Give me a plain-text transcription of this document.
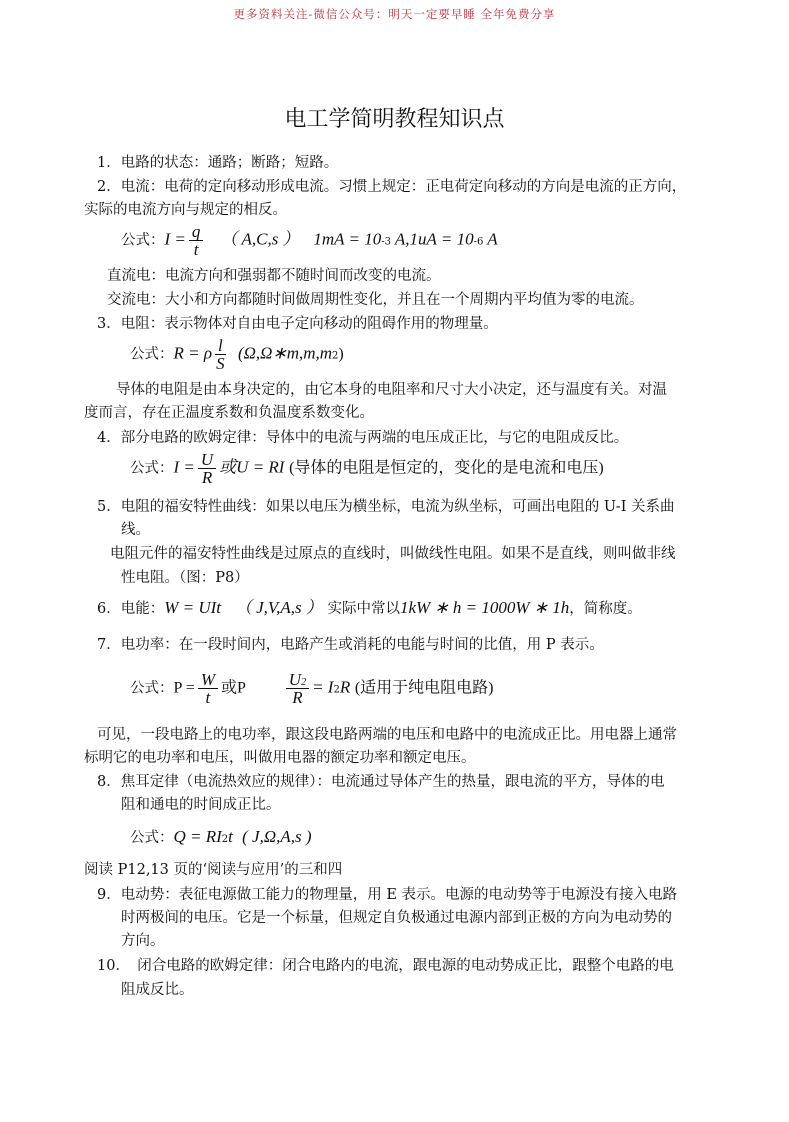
更多资料关注-微信公众号：明天一定要早睡 全年免费分享
电工学简明教程知识点
1．电路的状态：通路；断路；短路。
2．电流：电荷的定向移动形成电流。习惯上规定：正电荷定向移动的方向是电流的正方向，
实际的电流方向与规定的相反。
公式：$I = \frac{q}{t}$ （ A,C,s ） 1mA = 10-3 A,1uA = 10-6 A
直流电：电流方向和强弱都不随时间而改变的电流。
交流电：大小和方向都随时间做周期性变化，并且在一个周期内平均值为零的电流。
3．电阻：表示物体对自由电子定向移动的阻碍作用的物理量。
公式：R = ρ $\frac{l}{S}$ (Ω,Ω∗m,m,m2)
导体的电阻是由本身决定的，由它本身的电阻率和尺寸大小决定，还与温度有关。对温
度而言，存在正温度系数和负温度系数变化。
4．部分电路的欧姆定律：导体中的电流与两端的电压成正比，与它的电阻成反比。
公式：$I = \frac{U}{R}$ 或U = RI (导体的电阻是恒定的，变化的是电流和电压)
5．电阻的福安特性曲线：如果以电压为横坐标，电流为纵坐标，可画出电阻的 U-I 关系曲
线。
电阻元件的福安特性曲线是过原点的直线时，叫做线性电阻。如果不是直线，则叫做非线
性电阻。（图：P8）
6．电能：W = UIt （ J,V,A,s ） 实际中常以1kW ∗ h = 1000W ∗ 1h，简称度。
7．电功率：在一段时间内，电路产生或消耗的电能与时间的比值，用 P 表示。
公式：$P = \frac{W}{t}$ 或P $\frac{U2}{R} = I2R$ (适用于纯电阻电路)
可见，一段电路上的电功率，跟这段电路两端的电压和电路中的电流成正比。用电器上通常
标明它的电功率和电压，叫做用电器的额定功率和额定电压。
8．焦耳定律（电流热效应的规律）：电流通过导体产生的热量，跟电流的平方，导体的电
阻和通电的时间成正比。
公式：Q = RI2t ( J,Ω,A,s )
阅读 P12,13 页的‘阅读与应用’的三和四
9．电动势：表征电源做工能力的物理量，用 E 表示。电源的电动势等于电源没有接入电路
时两极间的电压。它是一个标量，但规定自负极通过电源内部到正极的方向为电动势的
方向。
10．　闭合电路的欧姆定律：闭合电路内的电流，跟电源的电动势成正比，跟整个电路的电
阻成反比。
